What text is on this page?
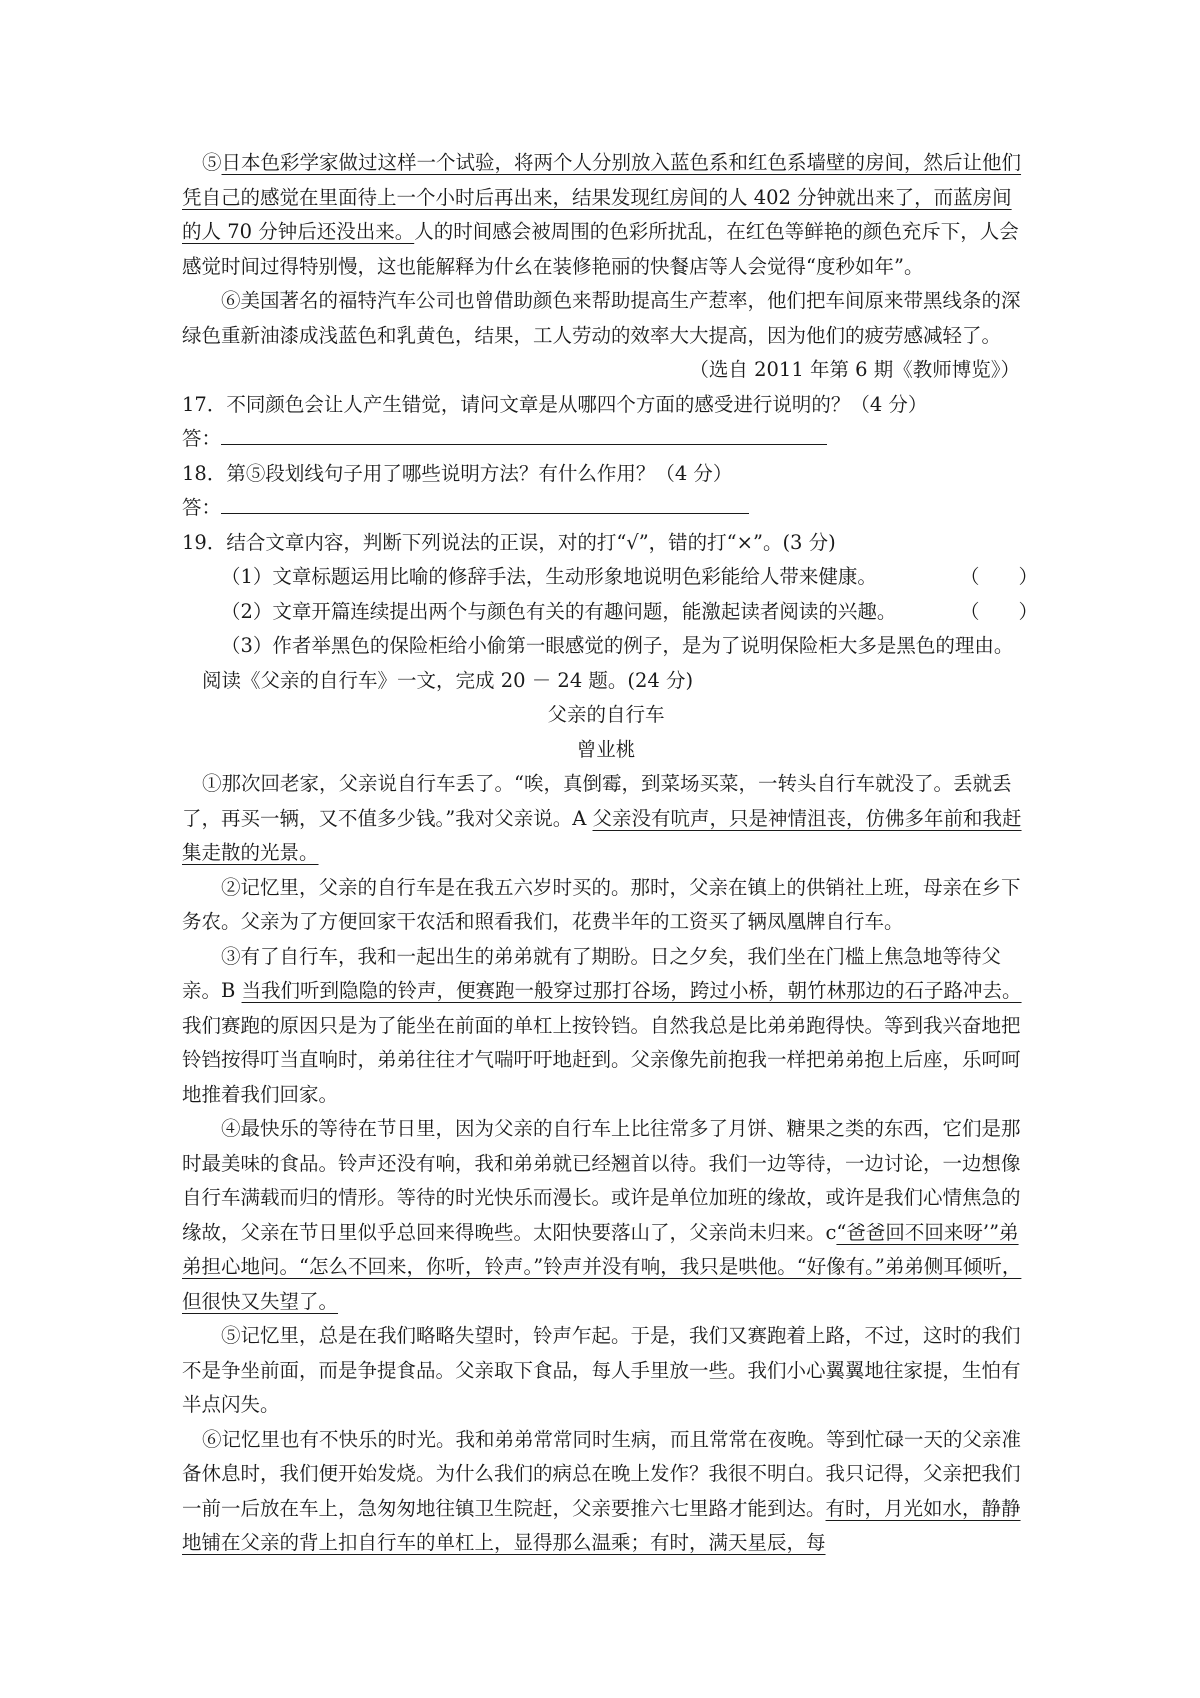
⑤日本色彩学家做过这样一个试验，将两个人分别放入蓝色系和红色系墙壁的房间，然后让他们凭自己的感觉在里面待上一个小时后再出来，结果发现红房间的人 402 分钟就出来了，而蓝房间的人 70 分钟后还没出来。人的时间感会被周围的色彩所扰乱，在红色等鲜艳的颜色充斥下，人会感觉时间过得特别慢，这也能解释为什幺在装修艳丽的快餐店等人会觉得“度秒如年”。

⑥美国著名的福特汽车公司也曾借助颜色来帮助提高生产惹率，他们把车间原来带黑线条的深绿色重新油漆成浅蓝色和乳黄色，结果，工人劳动的效率大大提高，因为他们的疲劳感减轻了。

（选自 2011 年第 6 期《教师博览》）

17．不同颜色会让人产生错觉，请问文章是从哪四个方面的感受进行说明的？（4 分）

答：

18．第⑤段划线句子用了哪些说明方法？有什么作用？（4 分）

答：

19．结合文章内容，判断下列说法的正误，对的打“√”，错的打“×”。(3 分)

（　　）
（1）文章标题运用比喻的修辞手法，生动形象地说明色彩能给人带来健康。

（　　）
（2）文章开篇连续提出两个与颜色有关的有趣问题，能激起读者阅读的兴趣。

（3）作者举黑色的保险柜给小偷第一眼感觉的例子，是为了说明保险柜大多是黑色的理由。

阅读《父亲的自行车》一文，完成 20 － 24 题。(24 分)

父亲的自行车

曾业桃

①那次回老家，父亲说自行车丢了。“唉，真倒霉，到菜场买菜，一转头自行车就没了。丢就丢了，再买一辆，又不值多少钱。”我对父亲说。A 父亲没有吭声，只是神情沮丧，仿佛多年前和我赶集走散的光景。

②记忆里，父亲的自行车是在我五六岁时买的。那时，父亲在镇上的供销社上班，母亲在乡下务农。父亲为了方便回家干农活和照看我们，花费半年的工资买了辆凤凰牌自行车。

③有了自行车，我和一起出生的弟弟就有了期盼。日之夕矣，我们坐在门槛上焦急地等待父亲。B 当我们听到隐隐的铃声，便赛跑一般穿过那打谷场，跨过小桥，朝竹林那边的石子路冲去。我们赛跑的原因只是为了能坐在前面的单杠上按铃铛。自然我总是比弟弟跑得快。等到我兴奋地把铃铛按得叮当直响时，弟弟往往才气喘吁吁地赶到。父亲像先前抱我一样把弟弟抱上后座，乐呵呵地推着我们回家。

④最快乐的等待在节日里，因为父亲的自行车上比往常多了月饼、糖果之类的东西，它们是那时最美味的食品。铃声还没有响，我和弟弟就已经翘首以待。我们一边等待，一边讨论，一边想像自行车满载而归的情形。等待的时光快乐而漫长。或许是单位加班的缘故，或许是我们心情焦急的缘故，父亲在节日里似乎总回来得晚些。太阳快要落山了，父亲尚未归来。c“爸爸回不回来呀’”弟弟担心地问。“怎么不回来，你听，铃声。”铃声并没有响，我只是哄他。“好像有。”弟弟侧耳倾听，但很快又失望了。

⑤记忆里，总是在我们略略失望时，铃声乍起。于是，我们又赛跑着上路，不过，这时的我们不是争坐前面，而是争提食品。父亲取下食品，每人手里放一些。我们小心翼翼地往家提，生怕有半点闪失。

⑥记忆里也有不快乐的时光。我和弟弟常常同时生病，而且常常在夜晚。等到忙碌一天的父亲准备休息时，我们便开始发烧。为什么我们的病总在晚上发作？我很不明白。我只记得，父亲把我们一前一后放在车上，急匆匆地往镇卫生院赶，父亲要推六七里路才能到达。有时，月光如水，静静地铺在父亲的背上扣自行车的单杠上，显得那么温乘；有时，满天星辰，每
